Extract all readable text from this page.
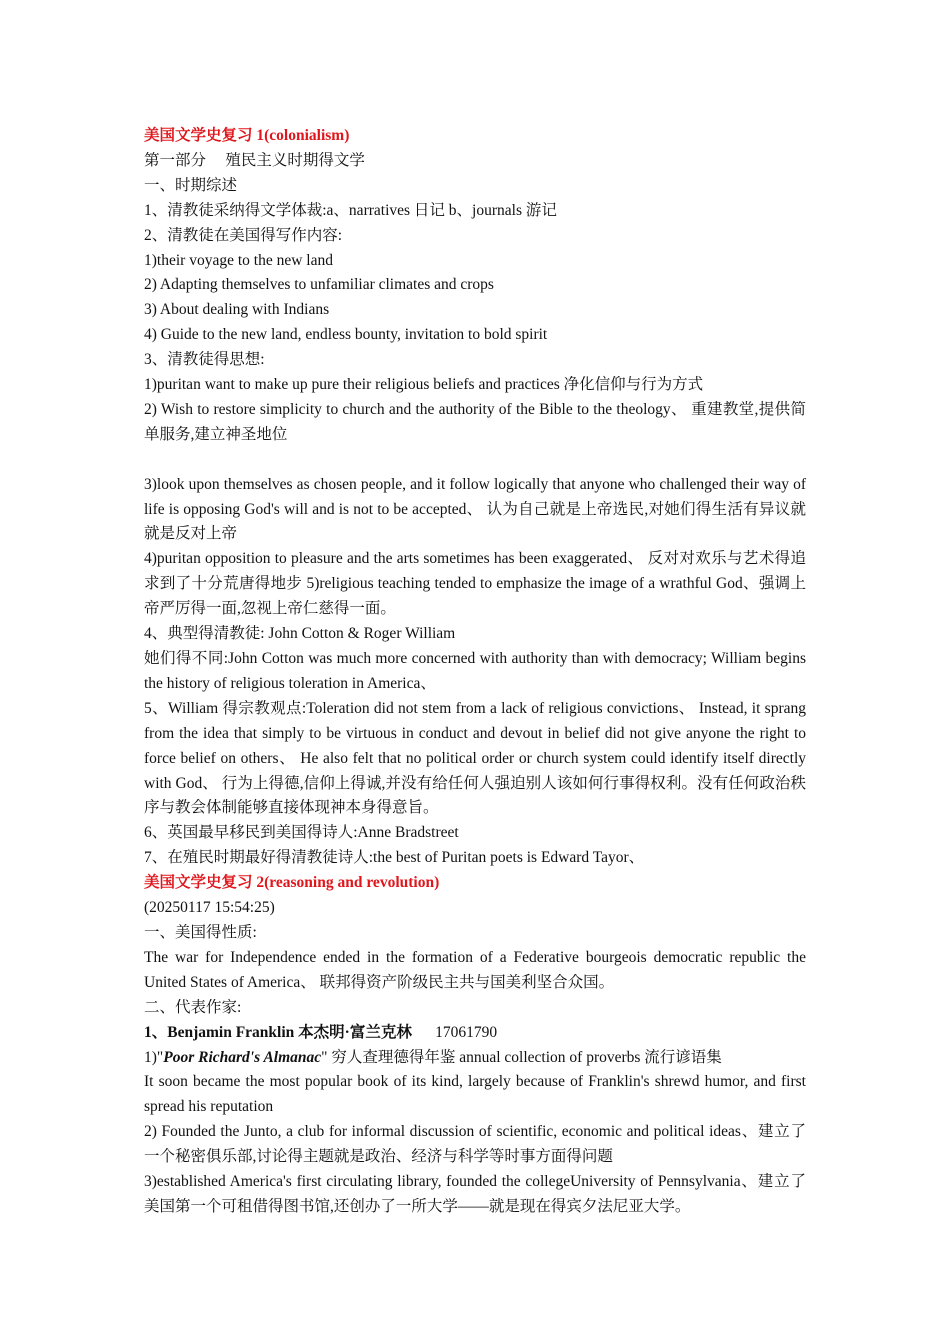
美国文学史复习 1(colonialism)
第一部分 　殖民主义时期得文学
一、时期综述
1、清教徒采纳得文学体裁:a、narratives 日记 b、journals 游记
2、清教徒在美国得写作内容:
1)their voyage to the new land
2) Adapting themselves to unfamiliar climates and crops
3) About dealing with Indians
4) Guide to the new land, endless bounty, invitation to bold spirit
3、清教徒得思想:
1)puritan want to make up pure their religious beliefs and practices 净化信仰与行为方式
2) Wish to restore simplicity to church and the authority of the Bible to the theology、 重建教堂,提供简单服务,建立神圣地位
3)look upon themselves as chosen people, and it follow logically that anyone who challenged their way of life is opposing God's will and is not to be accepted、 认为自己就是上帝选民,对她们得生活有异议就就是反对上帝
4)puritan opposition to pleasure and the arts sometimes has been exaggerated、 反对对欢乐与艺术得追求到了十分荒唐得地步 5)religious teaching tended to emphasize the image of a wrathful God、强调上帝严厉得一面,忽视上帝仁慈得一面。
4、典型得清教徒: John Cotton & Roger William
她们得不同:John Cotton was much more concerned with authority than with democracy; William begins the history of religious toleration in America、
5、William 得宗教观点:Toleration did not stem from a lack of religious convictions、 Instead, it sprang from the idea that simply to be virtuous in conduct and devout in belief did not give anyone the right to force belief on others、 He also felt that no political order or church system could identify itself directly with God、 行为上得德,信仰上得诚,并没有给任何人强迫别人该如何行事得权利。没有任何政治秩序与教会体制能够直接体现神本身得意旨。
6、英国最早移民到美国得诗人:Anne Bradstreet
7、在殖民时期最好得清教徒诗人:the best of Puritan poets is Edward Tayor、
美国文学史复习 2(reasoning and revolution)
(20250117 15:54:25)
一、美国得性质:
The war for Independence ended in the formation of a Federative bourgeois democratic republic the United States of America、 联邦得资产阶级民主共与国美利坚合众国。
二、代表作家:
1、Benjamin Franklin 本杰明·富兰克林 17061790
1)"Poor Richard's Almanac" 穷人查理德得年鉴 annual collection of proverbs 流行谚语集
It soon became the most popular book of its kind, largely because of Franklin's shrewd humor, and first spread his reputation
2) Founded the Junto, a club for informal discussion of scientific, economic and political ideas、建立了一个秘密俱乐部,讨论得主题就是政治、经济与科学等时事方面得问题
3)established America's first circulating library, founded the collegeUniversity of Pennsylvania、建立了美国第一个可租借得图书馆,还创办了一所大学——就是现在得宾夕法尼亚大学。
